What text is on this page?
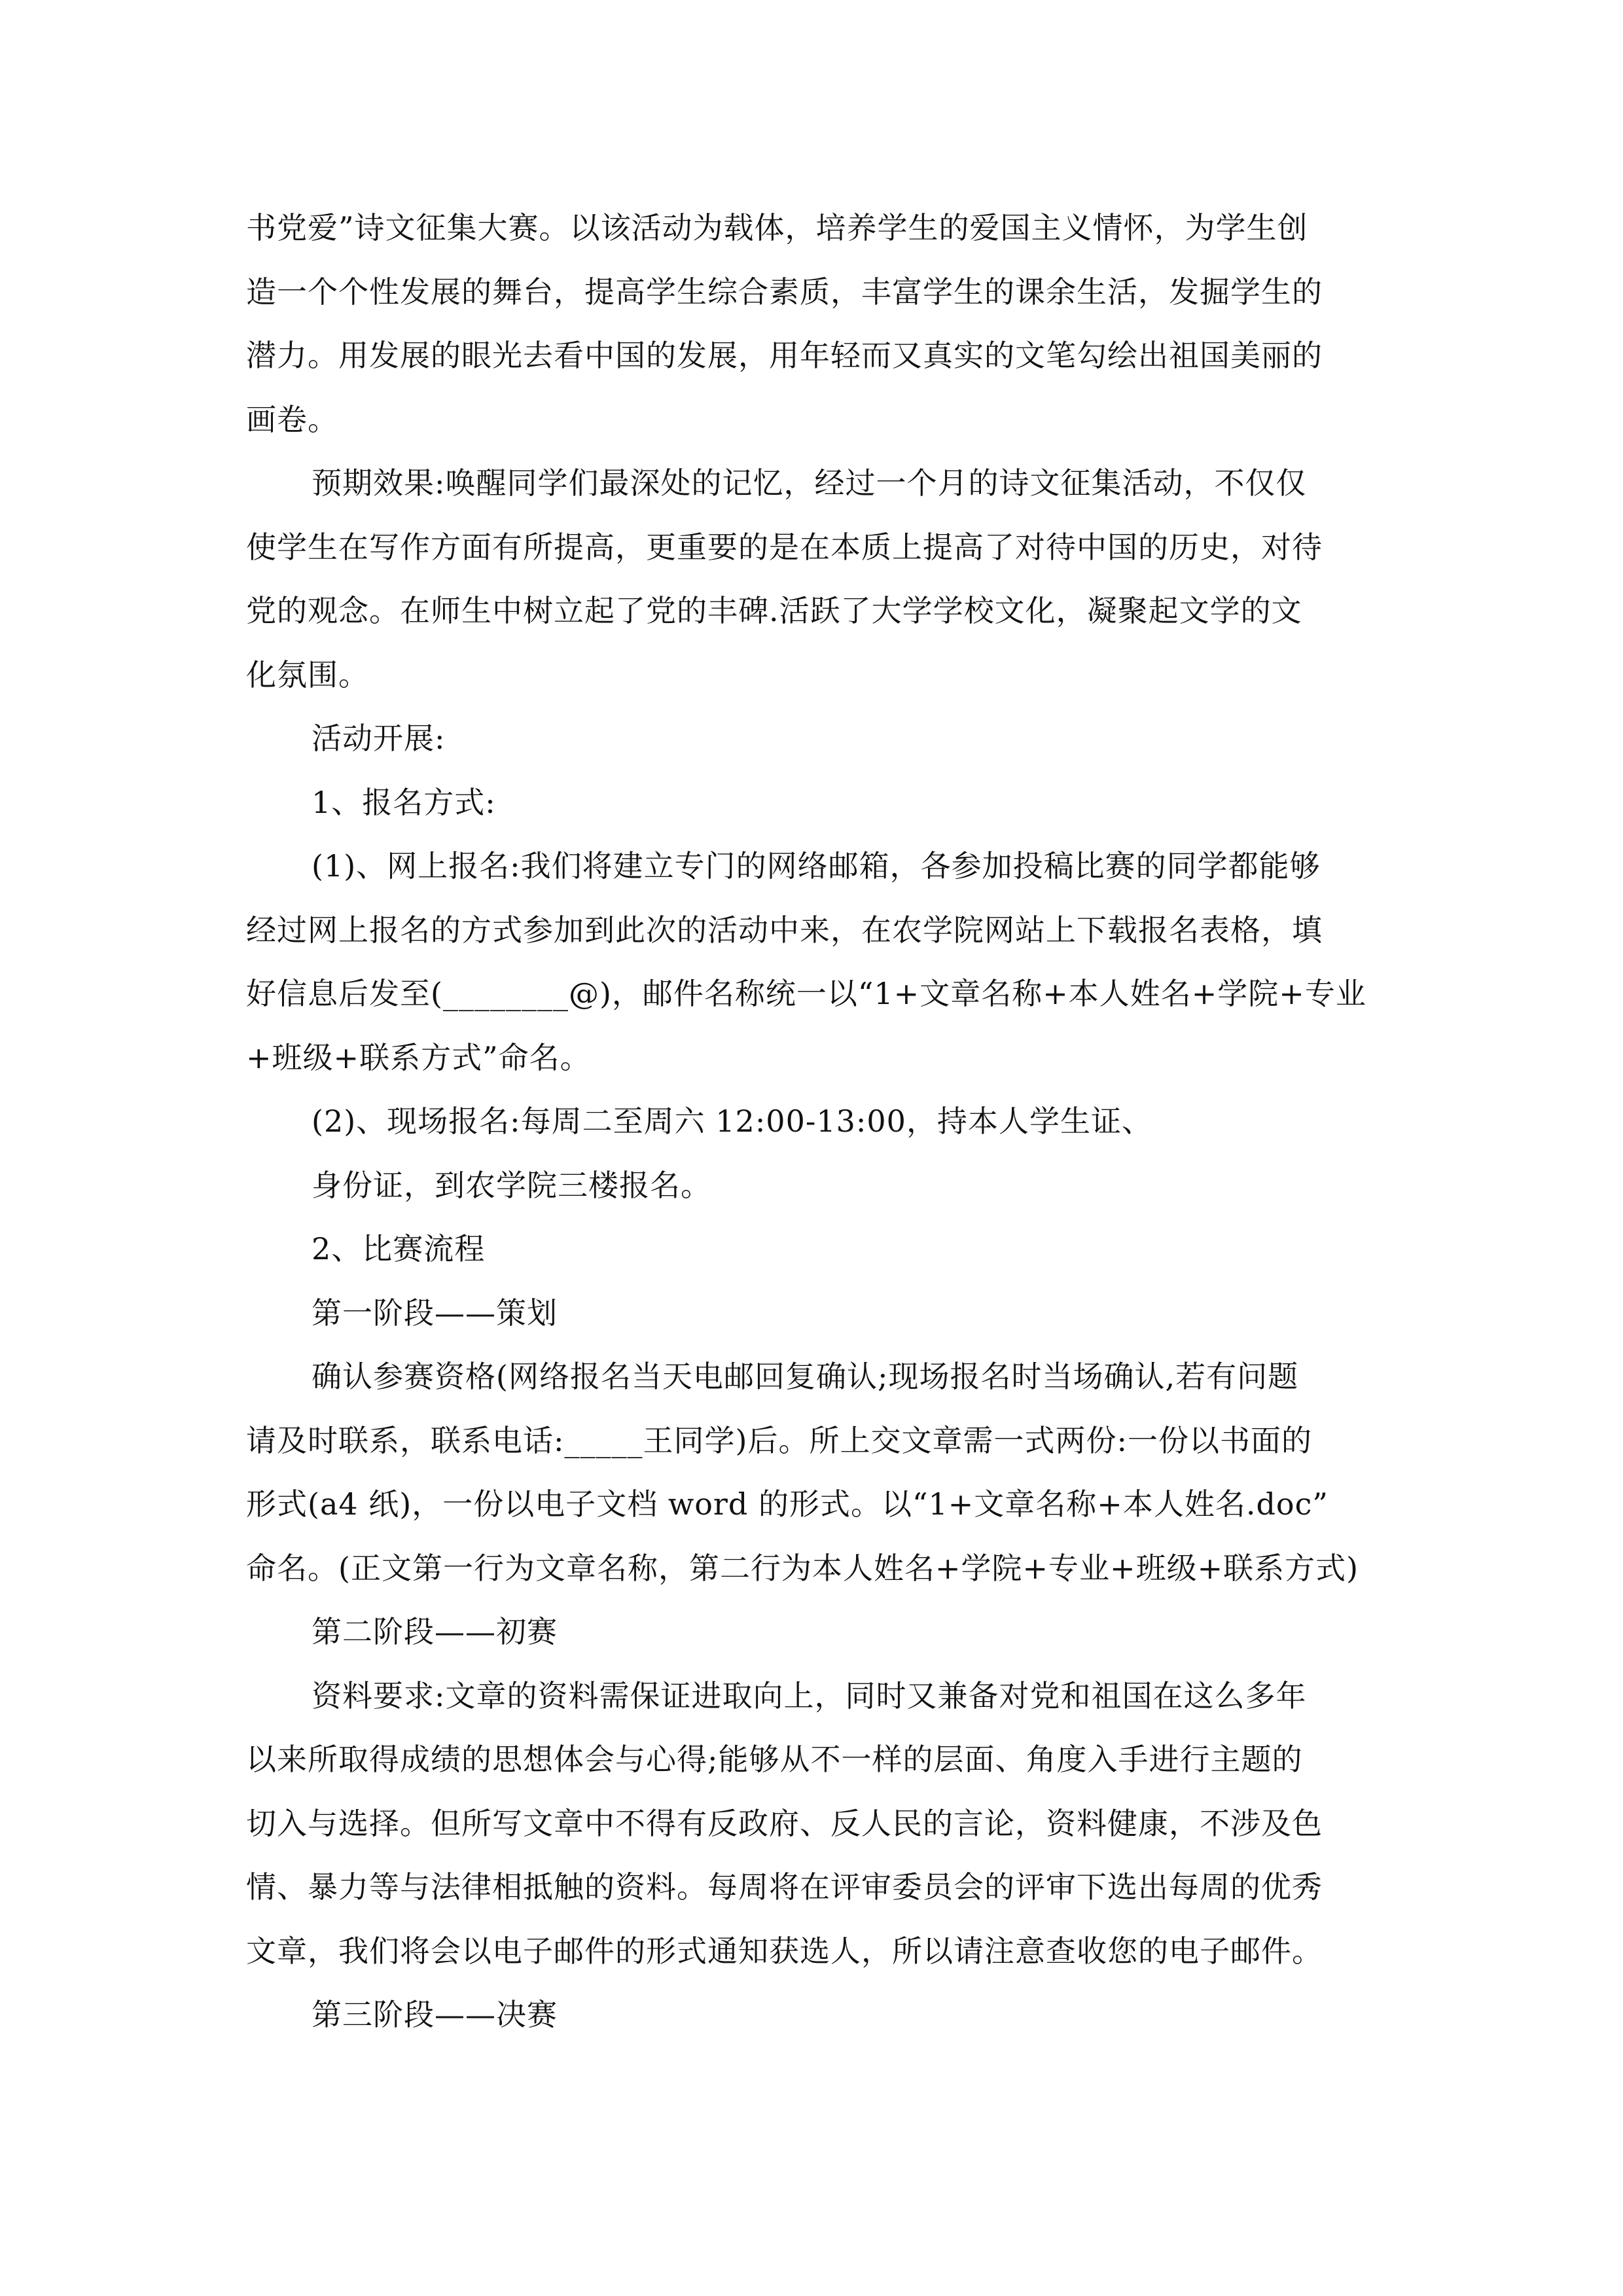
书党爱”诗文征集大赛。以该活动为载体，培养学生的爱国主义情怀，为学生创
造一个个性发展的舞台，提高学生综合素质，丰富学生的课余生活，发掘学生的
潜力。用发展的眼光去看中国的发展，用年轻而又真实的文笔勾绘出祖国美丽的
画卷。
预期效果:唤醒同学们最深处的记忆，经过一个月的诗文征集活动，不仅仅
使学生在写作方面有所提高，更重要的是在本质上提高了对待中国的历史，对待
党的观念。在师生中树立起了党的丰碑.活跃了大学学校文化，凝聚起文学的文
化氛围。
活动开展:
1、报名方式:
(1)、网上报名:我们将建立专门的网络邮箱，各参加投稿比赛的同学都能够
经过网上报名的方式参加到此次的活动中来，在农学院网站上下载报名表格，填
好信息后发至(________@)，邮件名称统一以“1+文章名称+本人姓名+学院+专业
+班级+联系方式”命名。
(2)、现场报名:每周二至周六 12:00-13:00，持本人学生证、
身份证，到农学院三楼报名。
2、比赛流程
第一阶段——策划
确认参赛资格(网络报名当天电邮回复确认;现场报名时当场确认,若有问题
请及时联系，联系电话:_____王同学)后。所上交文章需一式两份:一份以书面的
形式(a4 纸)，一份以电子文档 word 的形式。以“1+文章名称+本人姓名.doc”
命名。(正文第一行为文章名称，第二行为本人姓名+学院+专业+班级+联系方式)
第二阶段——初赛
资料要求:文章的资料需保证进取向上，同时又兼备对党和祖国在这么多年
以来所取得成绩的思想体会与心得;能够从不一样的层面、角度入手进行主题的
切入与选择。但所写文章中不得有反政府、反人民的言论，资料健康，不涉及色
情、暴力等与法律相抵触的资料。每周将在评审委员会的评审下选出每周的优秀
文章，我们将会以电子邮件的形式通知获选人，所以请注意查收您的电子邮件。
第三阶段——决赛
